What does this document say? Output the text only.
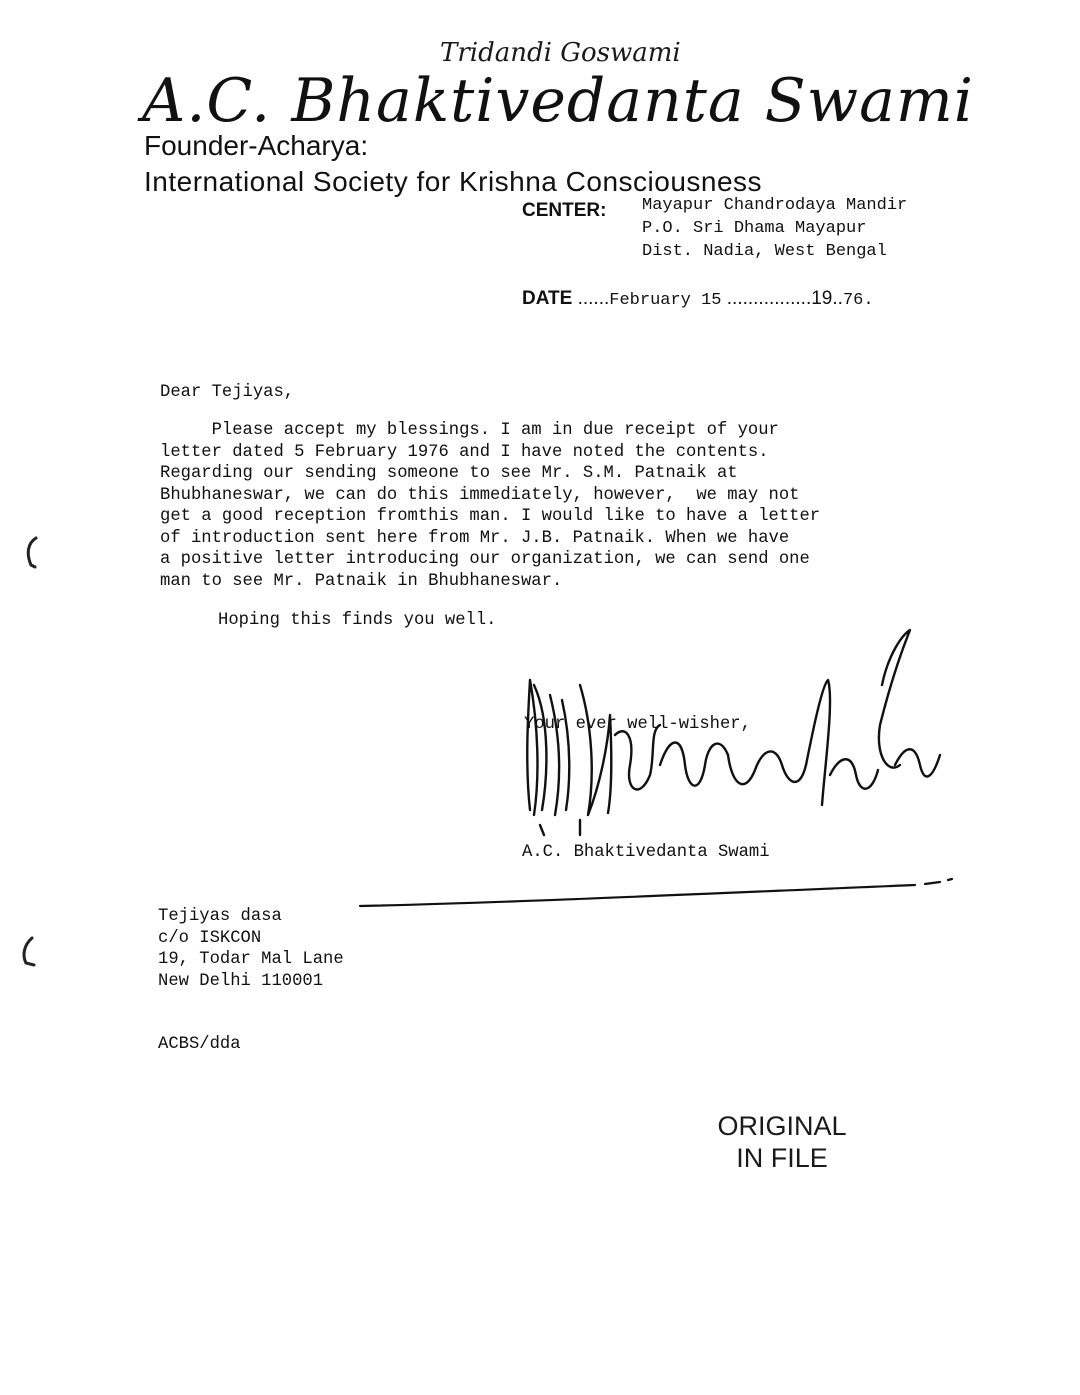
Tridandi Goswami
A.C. Bhaktivedanta Swami
Founder-Acharya:
International Society for Krishna Consciousness
CENTER: Mayapur Chandrodaya Mandir
P.O. Sri Dhama Mayapur
Dist. Nadia, West Bengal
DATE ......February 15 ................19..76.
Dear Tejiyas,
Please accept my blessings. I am in due receipt of your
letter dated 5 February 1976 and I have noted the contents.
Regarding our sending someone to see Mr. S.M. Patnaik at
Bhubhaneswar, we can do this immediately, however,  we may not
get a good reception fromthis man. I would like to have a letter
of introduction sent here from Mr. J.B. Patnaik. When we have
a positive letter introducing our organization, we can send one
man to see Mr. Patnaik in Bhubhaneswar.
Hoping this finds you well.
Your ever well-wisher,
A.C. Bhaktivedanta Swami
Tejiyas dasa
c/o ISKCON
19, Todar Mal Lane
New Delhi 110001
ACBS/dda
ORIGINAL
IN FILE
